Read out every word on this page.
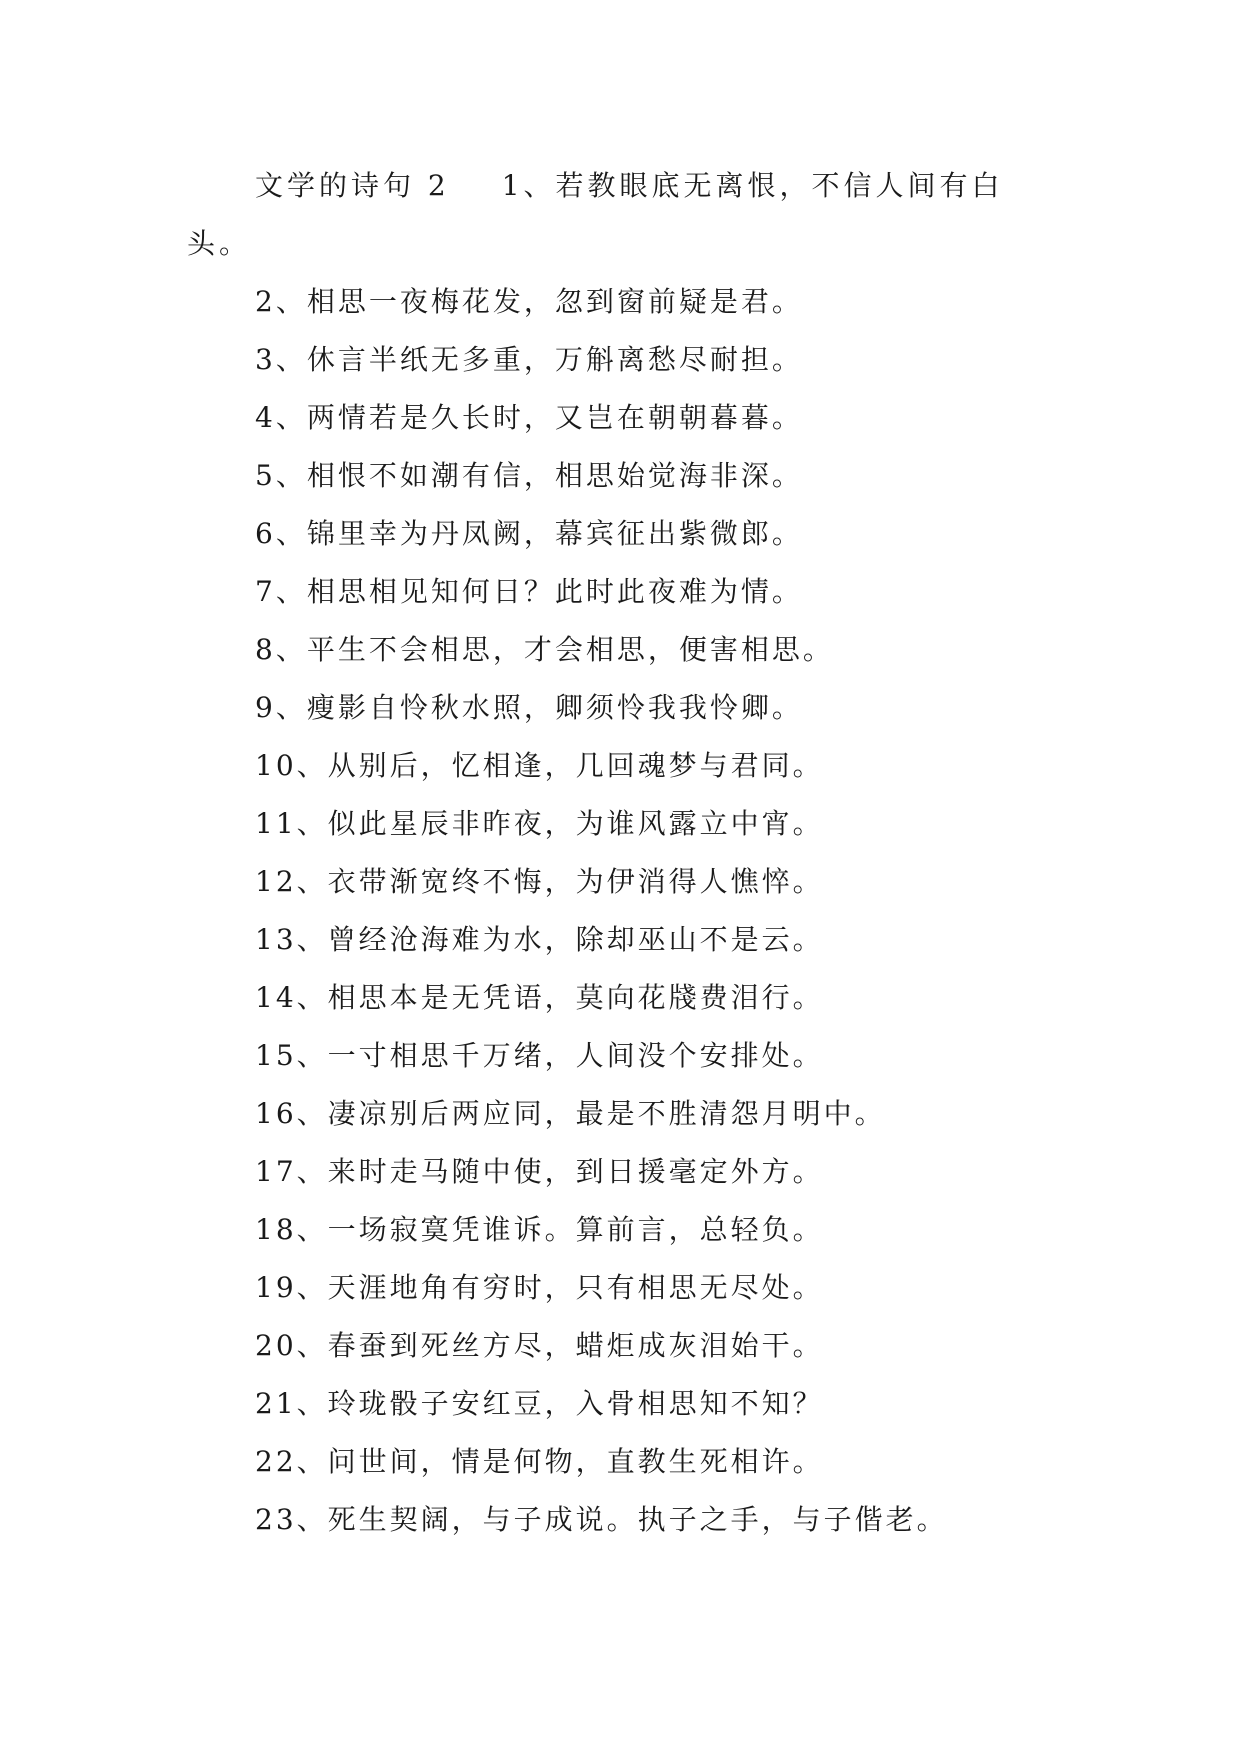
文学的诗句 2 1、若教眼底无离恨，不信人间有白头。

2、相思一夜梅花发，忽到窗前疑是君。

3、休言半纸无多重，万斛离愁尽耐担。

4、两情若是久长时，又岂在朝朝暮暮。

5、相恨不如潮有信，相思始觉海非深。

6、锦里幸为丹凤阙，幕宾征出紫微郎。

7、相思相见知何日？此时此夜难为情。

8、平生不会相思，才会相思，便害相思。

9、瘦影自怜秋水照，卿须怜我我怜卿。

10、从别后，忆相逢，几回魂梦与君同。

11、似此星辰非昨夜，为谁风露立中宵。

12、衣带渐宽终不悔，为伊消得人憔悴。

13、曾经沧海难为水，除却巫山不是云。

14、相思本是无凭语，莫向花牋费泪行。

15、一寸相思千万绪，人间没个安排处。

16、凄凉别后两应同，最是不胜清怨月明中。

17、来时走马随中使，到日援毫定外方。

18、一场寂寞凭谁诉。算前言，总轻负。

19、天涯地角有穷时，只有相思无尽处。

20、春蚕到死丝方尽，蜡炬成灰泪始干。

21、玲珑骰子安红豆，入骨相思知不知？

22、问世间，情是何物，直教生死相许。

23、死生契阔，与子成说。执子之手，与子偕老。
